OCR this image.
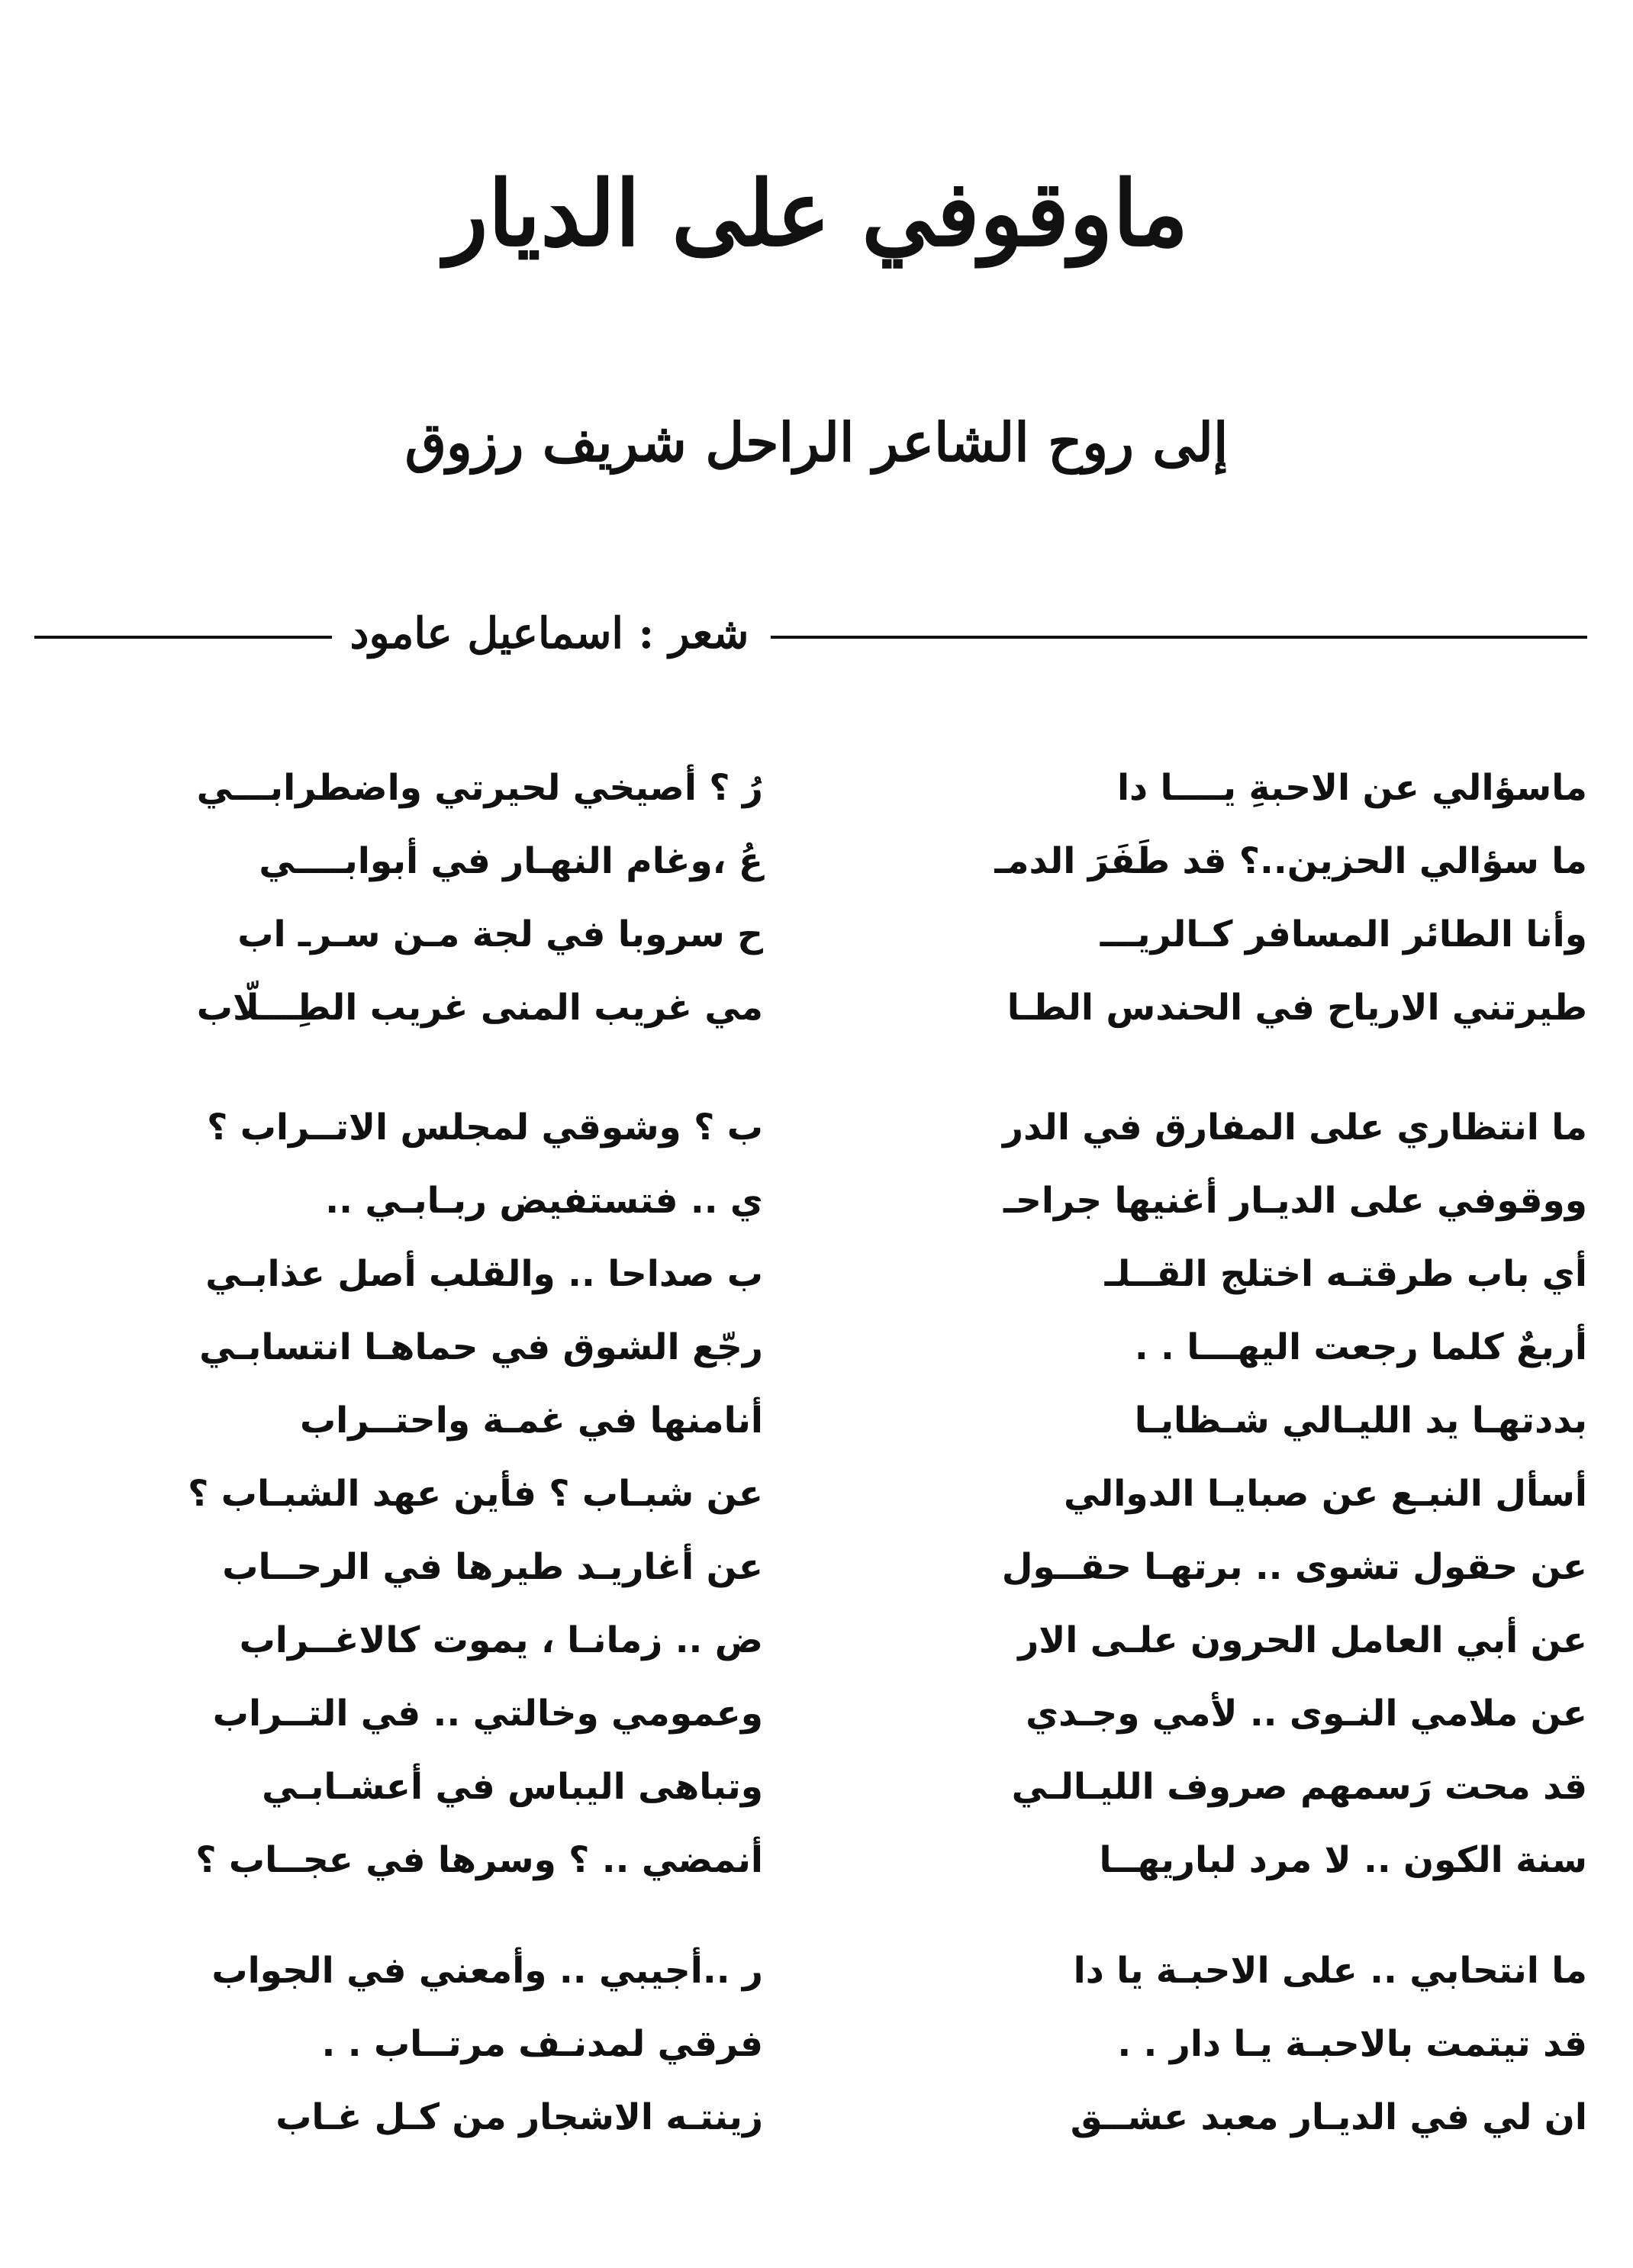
ماوقوفي على الديار
إلى روح الشاعر الراحل شريف رزوق
شعر : اسماعيل عامود
ماسؤالي عن الاحبةِ يــــا دا
ما سؤالي الحزين..؟ قد طَفَرَ الدمـ
وأنا الطائر المسافر كـالريـــ
طيرتني الارياح في الحندس الطـا
رُ ؟ أصيخي لحيرتي واضطرابـــي
عُ ،وغام النهـار في أبوابــــي
ح سروبا في لجة مـن سـرـ اب
مي غريب المنى غريب الطِـــلّاب
ما انتظاري على المفارق في الدر
ووقوفي على الديـار أغنيها جراحـ
أي باب طرقتـه اختلج القــلـ
أربعٌ كلما رجعت اليهـــا . .
بددتهـا يد الليـالي شـظايـا
أسأل النبـع عن صبايـا الدوالي
عن حقول تشوى .. برتهـا حقــول
عن أبي العامل الحرون علـى الار
عن ملامي النـوى .. لأمي وجـدي
قد محت رَسمهم صروف الليـالـي
سنة الكون .. لا مرد لباريهــا
ب ؟ وشوقي لمجلس الاتــراب ؟
ي .. فتستفيض ربـابـي ..
ب صداحا .. والقلب أصل عذابـي
رجّع الشوق في حماهـا انتسابـي
أنامنها في غمـة واحتــراب
عن شبـاب ؟ فأين عهد الشبـاب ؟
عن أغاريـد طيرها في الرحــاب
ض .. زمانـا ، يموت كالاغــراب
وعمومي وخالتي .. في التــراب
وتباهى اليباس في أعشـابـي
أنمضي .. ؟ وسرها في عجــاب ؟
ما انتحابي .. على الاحبـة يا دا
قد تيتمت بالاحبـة يـا دار . .
ان لي في الديـار معبد عشــق
ر ..أجيبي .. وأمعني في الجواب
فرقي لمدنـف مرتــاب . .
زينتـه الاشجار من كـل غـاب
